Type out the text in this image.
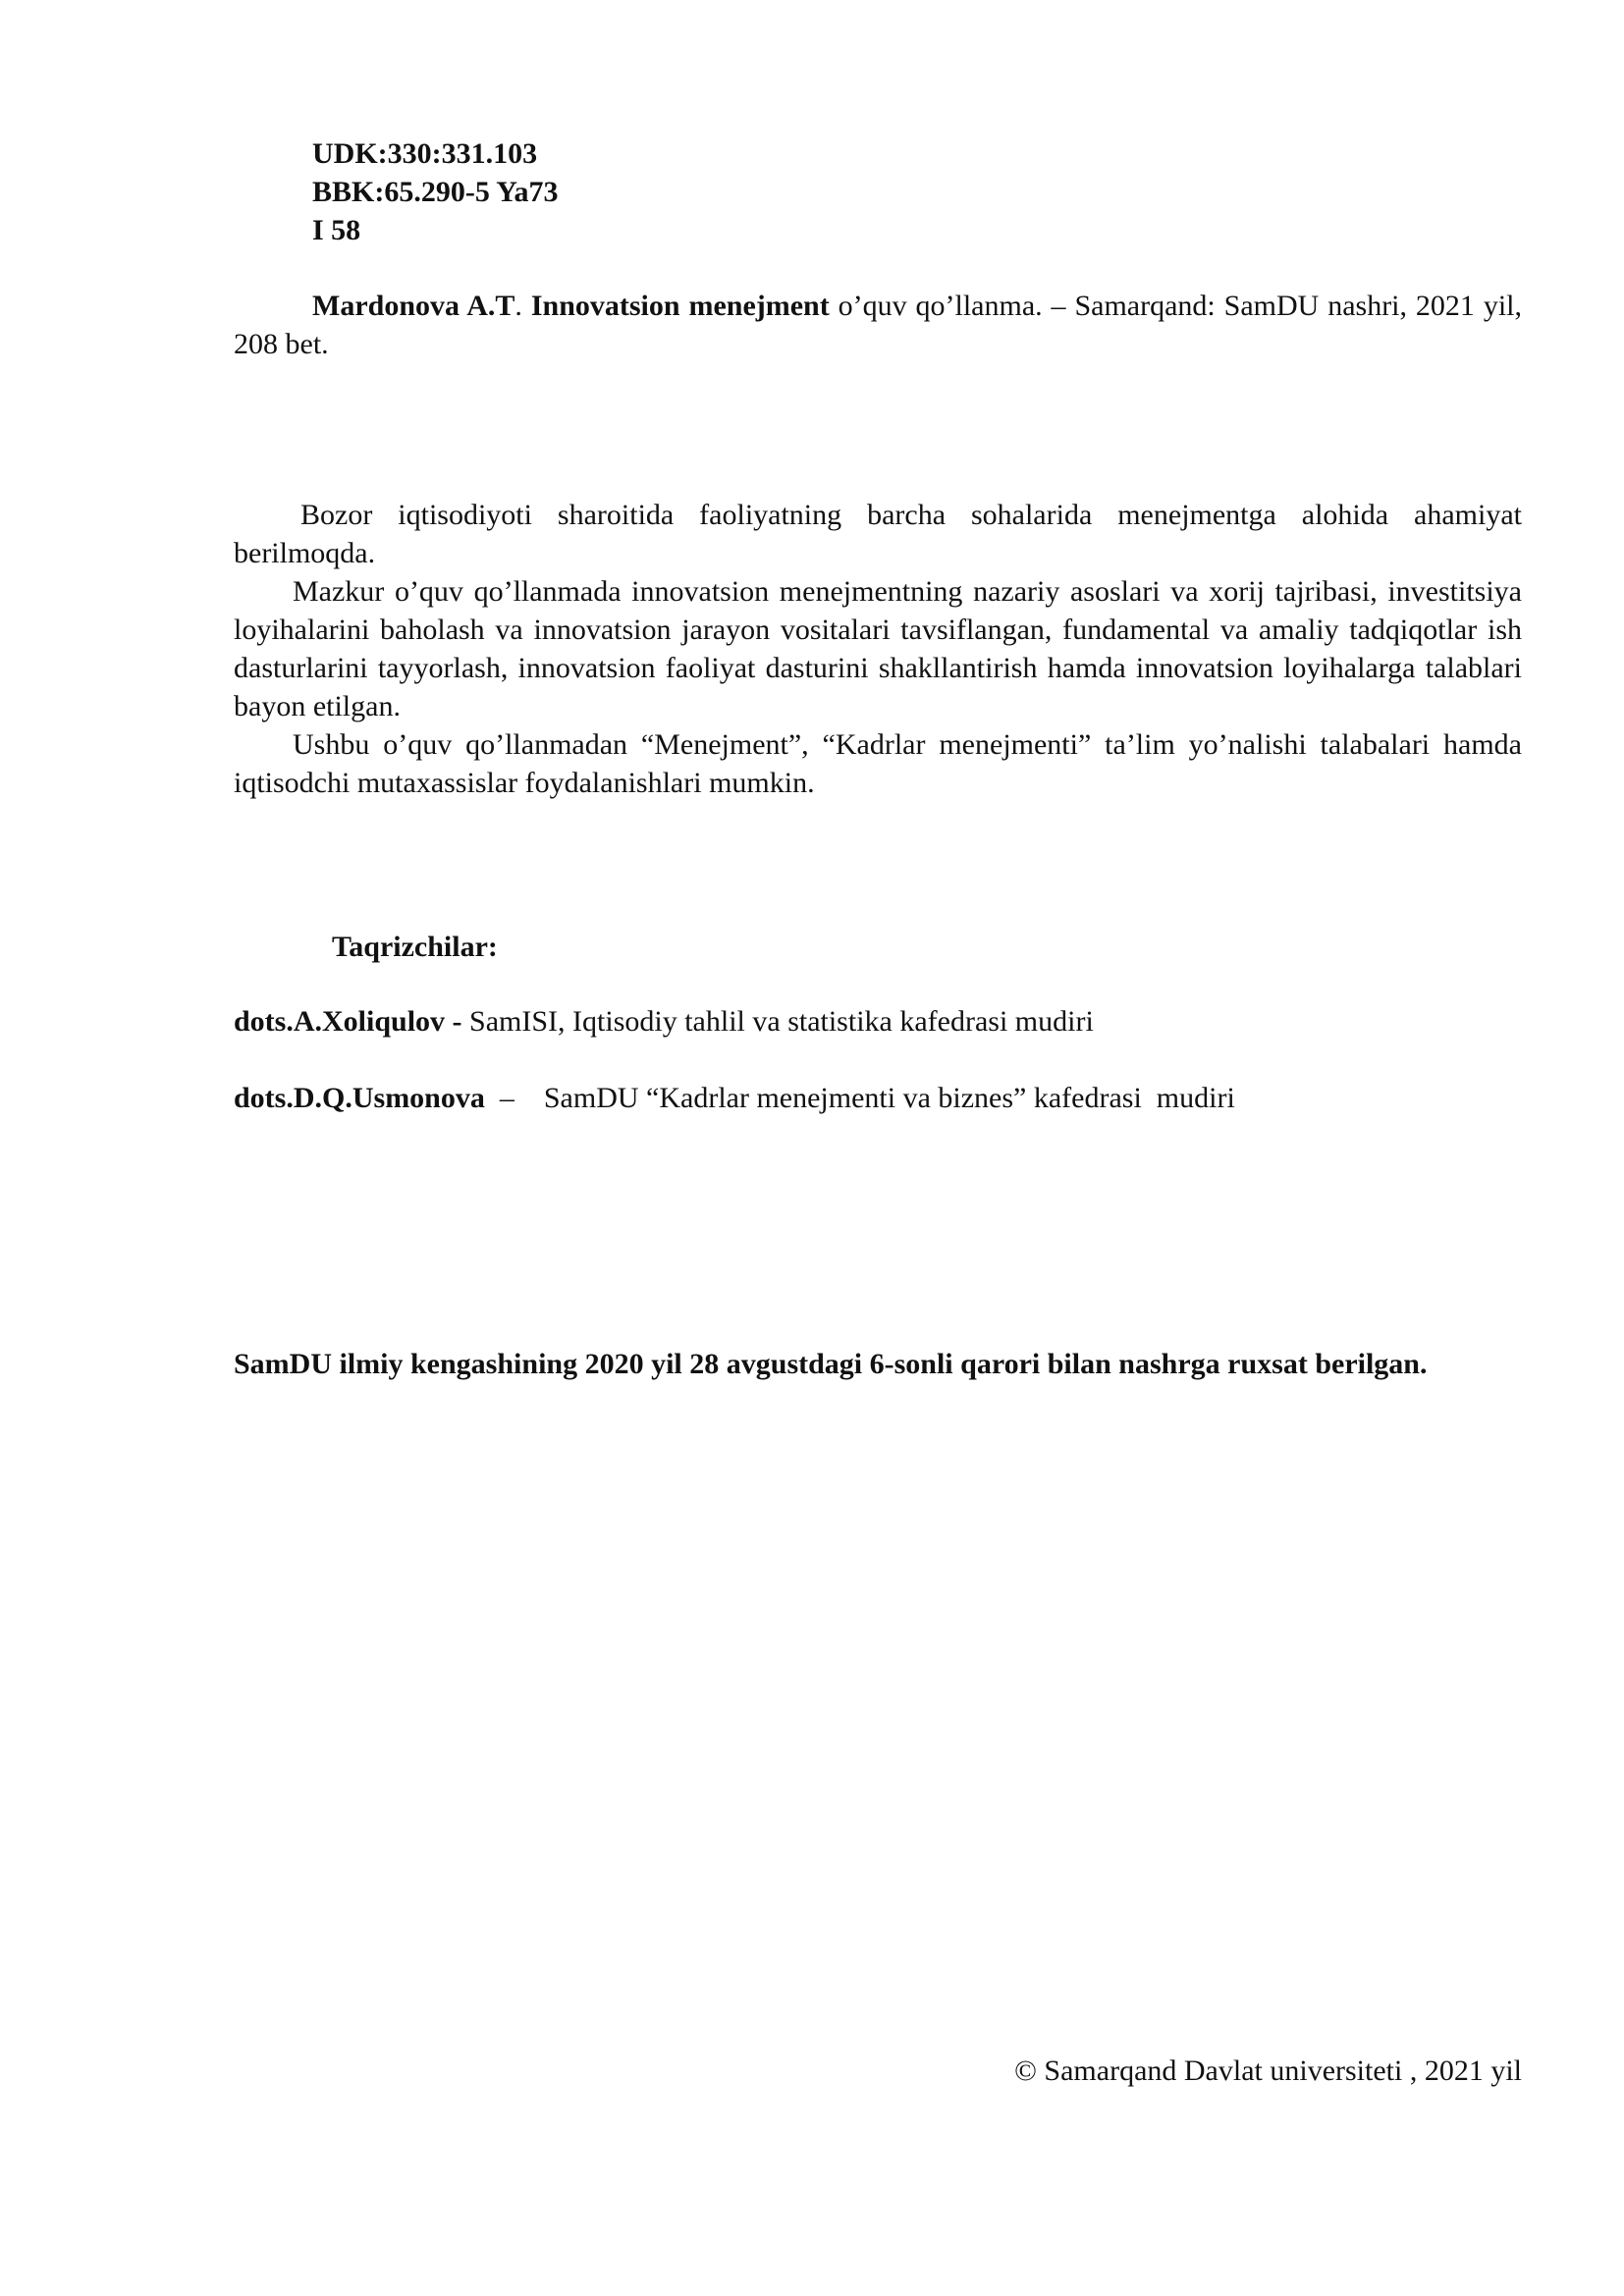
UDK:330:331.103
BBK:65.290-5 Ya73
I 58
Mardonova A.T. Innovatsion menejment o’quv qo’llanma. – Samarqand: SamDU nashri, 2021 yil, 208 bet.

Bozor iqtisodiyoti sharoitida faoliyatning barcha sohalarida menejmentga alohida ahamiyat berilmoqda.

Mazkur o’quv qo’llanmada innovatsion menejmentning nazariy asoslari va xorij tajribasi, investitsiya loyihalarini baholash va innovatsion jarayon vositalari tavsiflangan, fundamental va amaliy tadqiqotlar ish dasturlarini tayyorlash, innovatsion faoliyat dasturini shakllantirish hamda innovatsion loyihalarga talablari bayon etilgan.

Ushbu o’quv qo’llanmadan “Menejment”, “Kadrlar menejmenti” ta’lim yo’nalishi talabalari hamda iqtisodchi mutaxassislar foydalanishlari mumkin.

Taqrizchilar:
dots.A.Xoliqulov - SamISI, Iqtisodiy tahlil va statistika kafedrasi mudiri
dots.D.Q.Usmonova  –    SamDU “Kadrlar menejmenti va biznes” kafedrasi  mudiri
SamDU ilmiy kengashining 2020 yil 28 avgustdagi 6-sonli qarori bilan nashrga ruxsat berilgan.
© Samarqand Davlat universiteti , 2021 yil
